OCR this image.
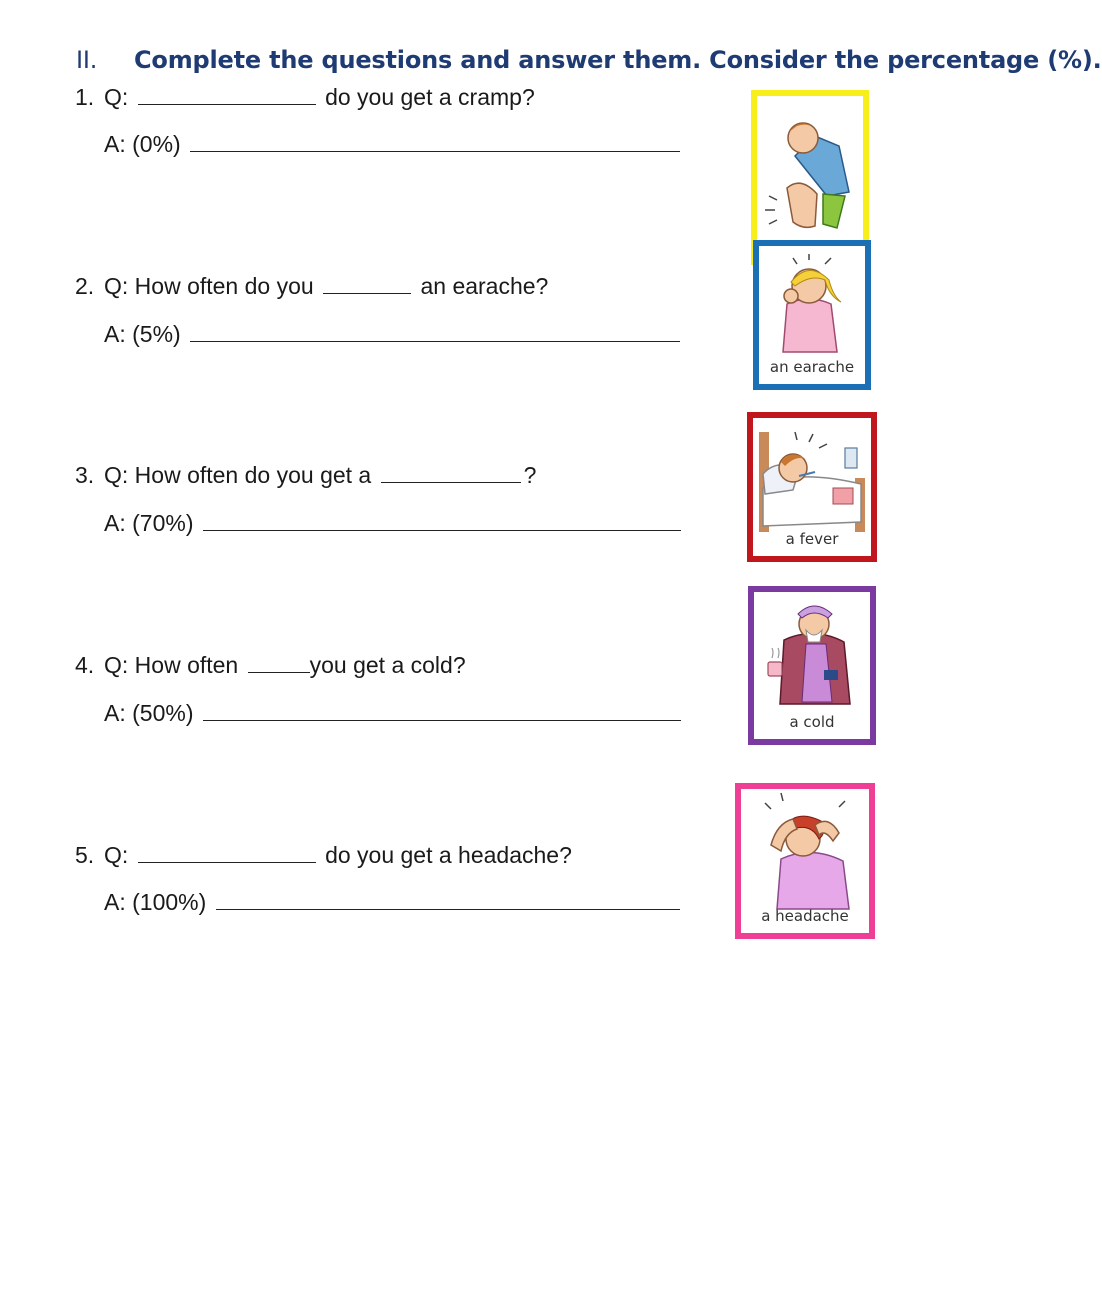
II. Complete the questions and answer them. Consider the percentage (%).
1. Q:	do you get a cramp?
A: (0%)
2. Q: How often do you	an earache?
A: (5%)
3. Q: How often do you get a	?
A: (70%)
4. Q: How often	you get a cold?
A: (50%)
5. Q:	do you get a headache?
A: (100%)
an earache
a fever
a cold
a headache
